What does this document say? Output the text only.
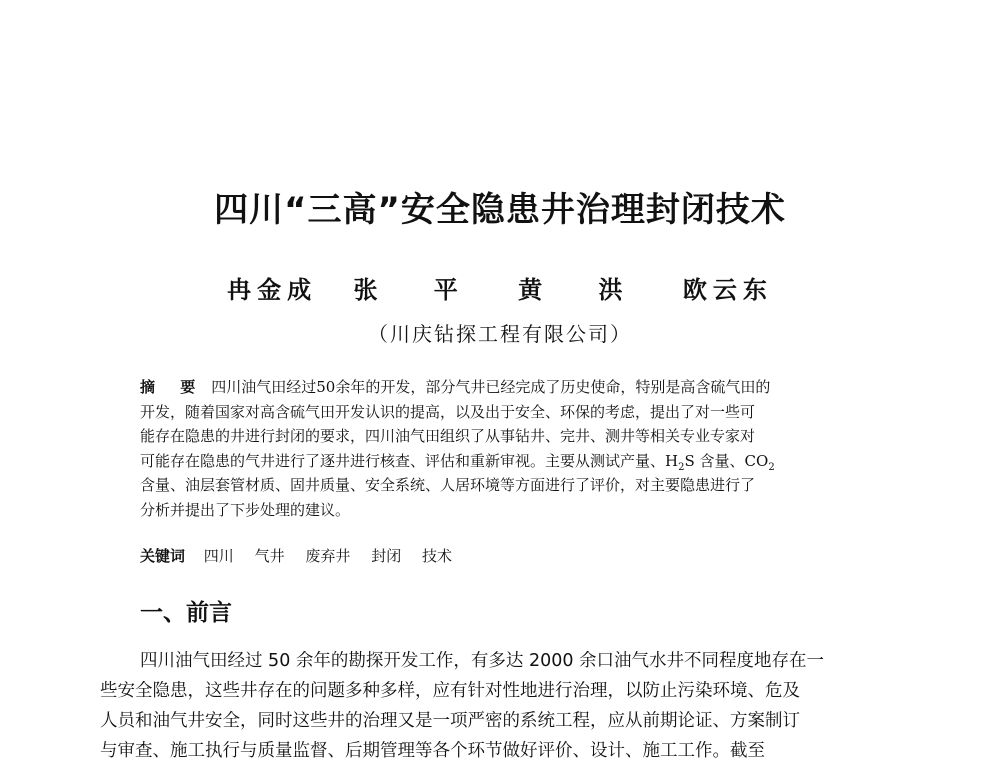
四川“三高”安全隐患井治理封闭技术
冉金成 张 平 黄 洪 欧云东
（川庆钻探工程有限公司）
摘 要 四川油气田经过50余年的开发，部分气井已经完成了历史使命，特别是高含硫气田的
开发，随着国家对高含硫气田开发认识的提高，以及出于安全、环保的考虑，提出了对一些可
能存在隐患的井进行封闭的要求，四川油气田组织了从事钻井、完井、测井等相关专业专家对
可能存在隐患的气井进行了逐井进行核查、评估和重新审视。主要从测试产量、$H_2S$ 含量、$CO_2$
含量、油层套管材质、固井质量、安全系统、人居环境等方面进行了评价，对主要隐患进行了
分析并提出了下步处理的建议。
关键词 四川 气井 废弃井 封闭 技术
一、前言
四川油气田经过 50 余年的勘探开发工作，有多达 2000 余口油气水井不同程度地存在一
些安全隐患，这些井存在的问题多种多样，应有针对性地进行治理，以防止污染环境、危及
人员和油气井安全，同时这些井的治理又是一项严密的系统工程，应从前期论证、方案制订
与审查、施工执行与质量监督、后期管理等各个环节做好评价、设计、施工工作。截至
